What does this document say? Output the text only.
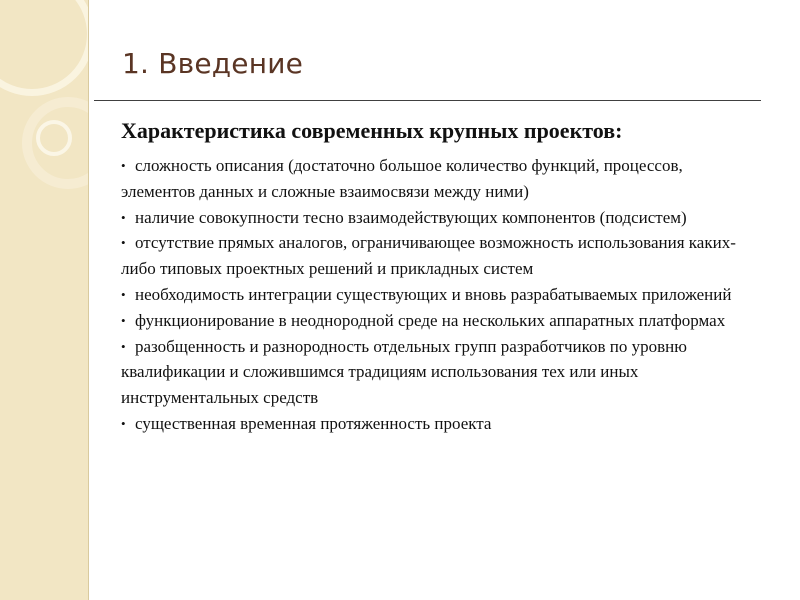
1. Введение
Характеристика современных крупных проектов:
• сложность описания (достаточно большое количество функций, процессов, элементов данных и сложные взаимосвязи между ними)
• наличие совокупности тесно взаимодействующих компонентов (подсистем)
• отсутствие прямых аналогов, ограничивающее возможность использования каких-либо типовых проектных решений и прикладных систем
• необходимость интеграции существующих и вновь разрабатываемых приложений
• функционирование в неоднородной среде на нескольких аппаратных платформах
• разобщенность и разнородность отдельных групп разработчиков по уровню квалификации и сложившимся традициям использования тех или иных инструментальных средств
• существенная временная протяженность проекта
